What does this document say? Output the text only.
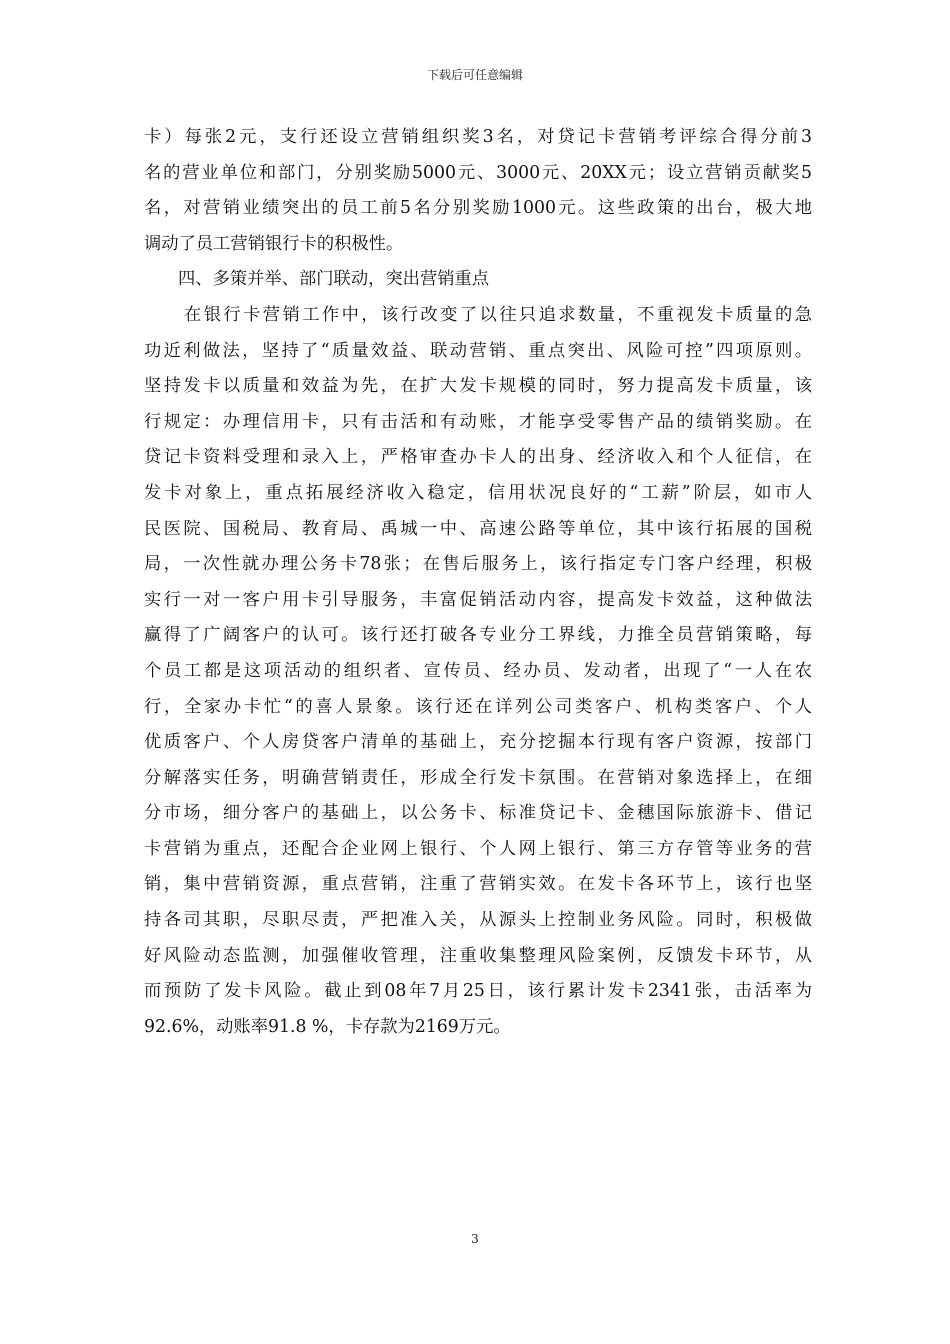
下载后可任意编辑
卡）每张2元，支行还设立营销组织奖3名，对贷记卡营销考评综合得分前3
名的营业单位和部门，分别奖励5000元、3000元、20XX元；设立营销贡献奖5
名，对营销业绩突出的员工前5名分别奖励1000元。这些政策的出台，极大地
调动了员工营销银行卡的积极性。
四、多策并举、部门联动，突出营销重点
在银行卡营销工作中，该行改变了以往只追求数量，不重视发卡质量的急
功近利做法，坚持了“质量效益、联动营销、重点突出、风险可控”四项原则。
坚持发卡以质量和效益为先，在扩大发卡规模的同时，努力提高发卡质量，该
行规定：办理信用卡，只有击活和有动账，才能享受零售产品的绩销奖励。在
贷记卡资料受理和录入上，严格审查办卡人的出身、经济收入和个人征信，在
发卡对象上，重点拓展经济收入稳定，信用状况良好的“工薪”阶层，如市人
民医院、国税局、教育局、禹城一中、高速公路等单位，其中该行拓展的国税
局，一次性就办理公务卡78张；在售后服务上，该行指定专门客户经理，积极
实行一对一客户用卡引导服务，丰富促销活动内容，提高发卡效益，这种做法
赢得了广阔客户的认可。该行还打破各专业分工界线，力推全员营销策略，每
个员工都是这项活动的组织者、宣传员、经办员、发动者，出现了“一人在农
行，全家办卡忙“的喜人景象。该行还在详列公司类客户、机构类客户、个人
优质客户、个人房贷客户清单的基础上，充分挖掘本行现有客户资源，按部门
分解落实任务，明确营销责任，形成全行发卡氛围。在营销对象选择上，在细
分市场，细分客户的基础上，以公务卡、标准贷记卡、金穗国际旅游卡、借记
卡营销为重点，还配合企业网上银行、个人网上银行、第三方存管等业务的营
销，集中营销资源，重点营销，注重了营销实效。在发卡各环节上，该行也坚
持各司其职，尽职尽责，严把准入关，从源头上控制业务风险。同时，积极做
好风险动态监测，加强催收管理，注重收集整理风险案例，反馈发卡环节，从
而预防了发卡风险。截止到08年7月25日，该行累计发卡2341张，击活率为
92.6%，动账率91.8 %，卡存款为2169万元。
3
